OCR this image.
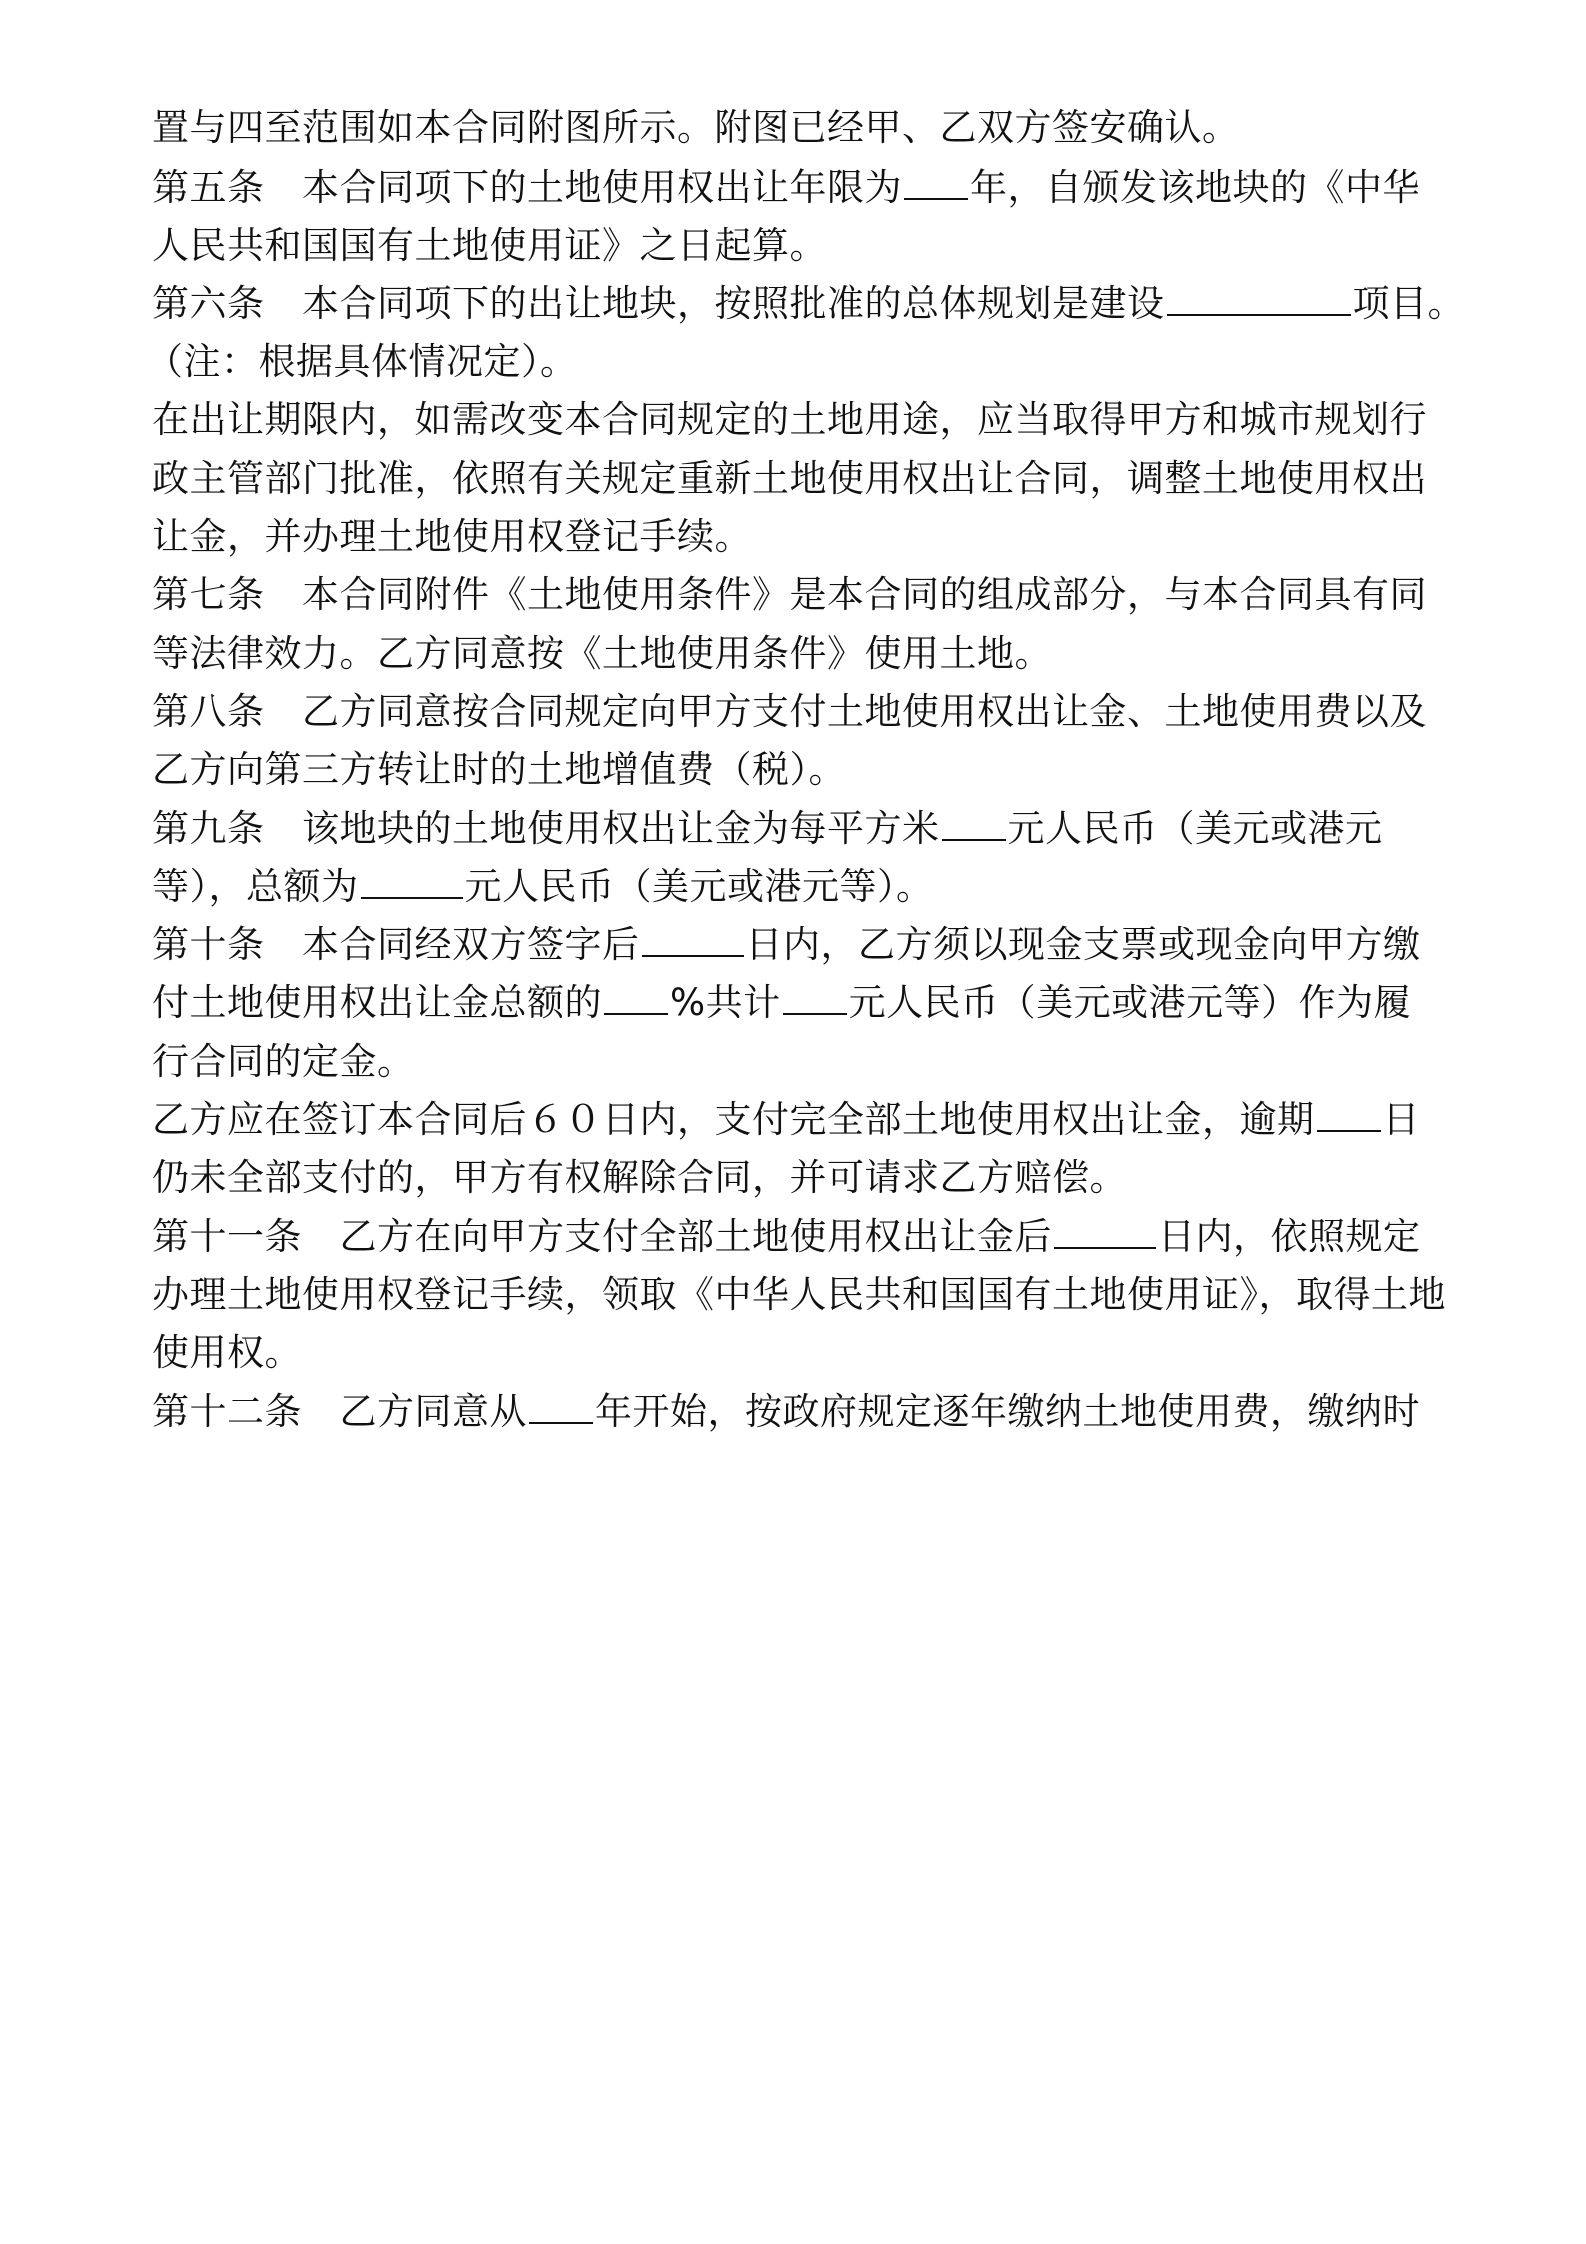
置与四至范围如本合同附图所示。附图已经甲、乙双方签安确认。
第五条　本合同项下的土地使用权出让年限为 年，自颁发该地块的《中华
人民共和国国有土地使用证》之日起算。
第六条　本合同项下的出让地块，按照批准的总体规划是建设	项目。
（注：根据具体情况定）。
在出让期限内，如需改变本合同规定的土地用途，应当取得甲方和城市规划行
政主管部门批准，依照有关规定重新土地使用权出让合同，调整土地使用权出
让金，并办理土地使用权登记手续。
第七条　本合同附件《土地使用条件》是本合同的组成部分，与本合同具有同
等法律效力。乙方同意按《土地使用条件》使用土地。
第八条　乙方同意按合同规定向甲方支付土地使用权出让金、土地使用费以及
乙方向第三方转让时的土地增值费（税）。
第九条　该地块的土地使用权出让金为每平方米 元人民币（美元或港元
等），总额为	元人民币（美元或港元等）。
第十条　本合同经双方签字后	日内，乙方须以现金支票或现金向甲方缴
付土地使用权出让金总额的 %共计 元人民币（美元或港元等）作为履
行合同的定金。
乙方应在签订本合同后６０日内，支付完全部土地使用权出让金，逾期 日
仍未全部支付的，甲方有权解除合同，并可请求乙方赔偿。
第十一条　乙方在向甲方支付全部土地使用权出让金后	日内，依照规定
办理土地使用权登记手续，领取《中华人民共和国国有土地使用证》，取得土地
使用权。
第十二条　乙方同意从 年开始，按政府规定逐年缴纳土地使用费，缴纳时
